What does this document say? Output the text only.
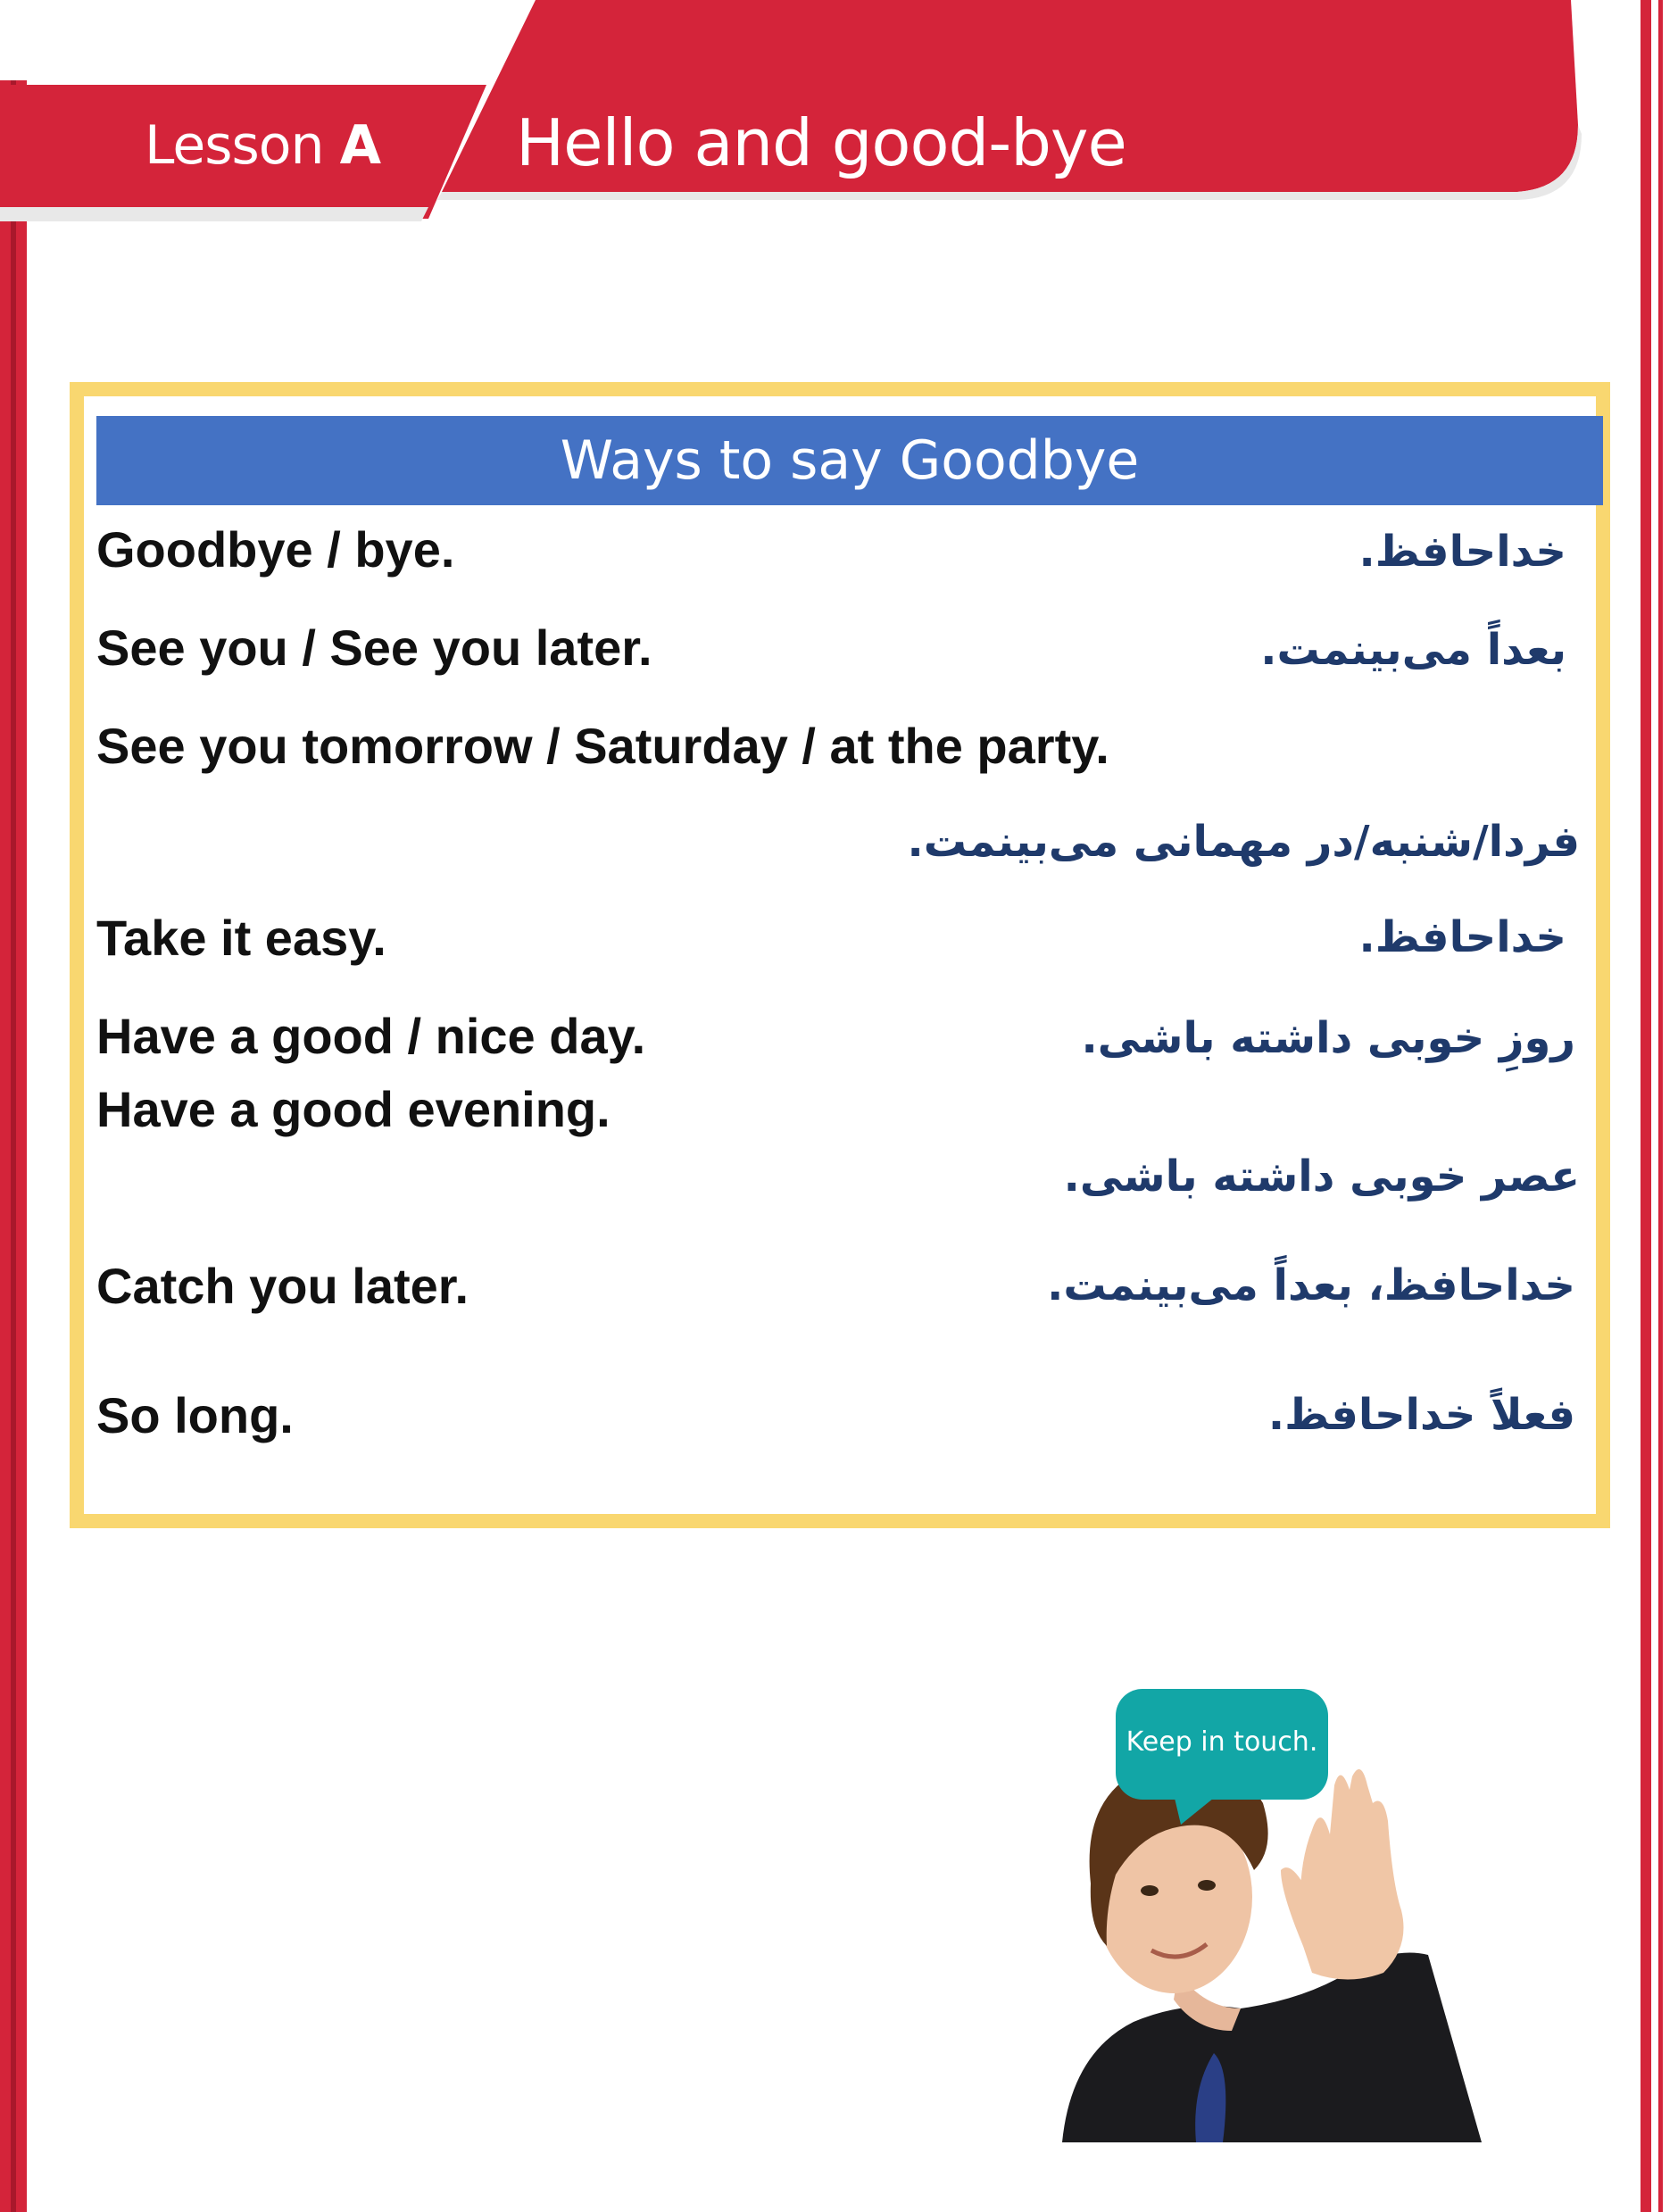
Lesson A Hello and good-bye
Ways to say Goodbye
Goodbye / bye.	خداحافظ.
See you / See you later.	بعداً می‌بینمت.
See you tomorrow / Saturday / at the party.
فردا/شنبه/در مهمانی می‌بینمت.
Take it easy.	خداحافظ.
Have a good / nice day.	روزِ خوبی داشته باشی.
Have a good evening.
عصر خوبی داشته باشی.
Catch you later.	خداحافظ، بعداً می‌بینمت.
So long.	فعلاً خداحافظ.
Keep in touch.
